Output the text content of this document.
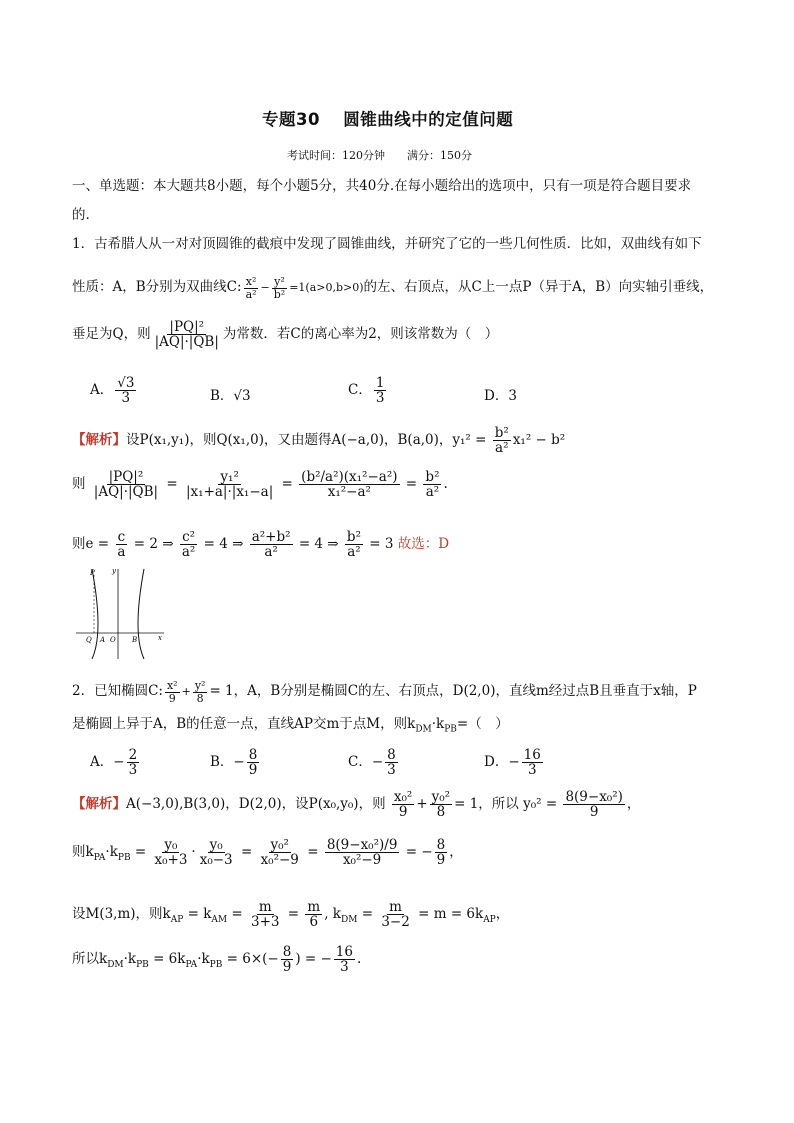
专题30　 圆锥曲线中的定值问题
考试时间：120分钟　　满分：150分
一、单选题：本大题共8小题，每个小题5分，共40分.在每小题给出的选项中，只有一项是符合题目要求
的.
1．古希腊人从一对对顶圆锥的截痕中发现了圆锥曲线，并研究了它的一些几何性质．比如，双曲线有如下
性质：A，B分别为双曲线C: $\frac{\text{x²}}{\text{a²}} - \frac{\text{y²}}{\text{b²}} =1(a>0,b>0)$的左、右顶点，从C上一点P（异于A，B）向实轴引垂线，
垂足为Q，则 $\frac{\text{|PQ|²}}{|AQ|\cdot|QB|}$ 为常数．若C的离心率为2，则该常数为（　）
A． $\frac{√3}{3}$	B．√3	C． $\frac{1}{3}$	D．3
【解析】设P(x₁,y₁)，则Q(x₁,0)，又由题得A(−a,0)，B(a,0)，$y_1^2 = \frac{\text{b²}}{\text{a²}} x_1^2 - b^2$
则 $\frac{\text{|PQ|²}}{|AQ|\cdot|QB|} = \frac{\text{y₁²}}{\text{|x₁+a|·|x₁−a|}} = \frac{\text{(b²/a²)(x₁²−a²)}}{\text{x₁²−a²}} = \frac{\text{b²}}{\text{a²}}$ .
则$e = \frac{c}{a} = 2$ ⇒ $\frac{\text{c²}}{\text{a²}} = 4$ ⇒ $\frac{\text{a²+b²}}{\text{a²}} = 4$ ⇒ $\frac{\text{b²}}{\text{a²}} = 3$ 故选：D
P y
Q A O B	x
2．已知椭圆C: $\frac{\text{x²}}{9} + \frac{\text{y²}}{8} = 1$，A，B分别是椭圆C的左、右顶点，D(2,0)，直线m经过点B且垂直于x轴，P
是椭圆上异于A，B的任意一点，直线AP交m于点M，则$k_{DM}\cdot k_{PB}=$（　）
A．− $\frac{2}{3}$	B．− $\frac{8}{9}$	C．− $\frac{8}{3}$	D．− $\frac{16}{3}$
【解析】A(−3,0),B(3,0)，D(2,0)，设P(x₀,y₀)，则 $\frac{\text{x₀²}}{9} + \frac{\text{y₀²}}{8} = 1$，所以 $y_0^2 = \frac{\text{8(9−x₀²)}}{9}$ ，
则$k_{PA}\cdot k_{PB} = \frac{\text{y₀}}{\text{x₀+3}} \cdot \frac{\text{y₀}}{\text{x₀−3}} = \frac{\text{y₀²}}{\text{x₀²−9}} = \frac{\text{8(9−x₀²)/9}}{\text{x₀²−9}}$ = − $\frac{8}{9}$ ，
设M(3,m)，则$k_{AP} = k_{AM} = \frac{m}{3+3} = \frac{m}{6}$ , $k_{DM} = \frac{m}{3-2} = m = 6k_{AP}$，
所以$k_{DM}\cdot k_{PB} = 6k_{PA}\cdot k_{PB} = 6\times(- \frac{8}{9}$ ) = − $\frac{16}{3}$ .
